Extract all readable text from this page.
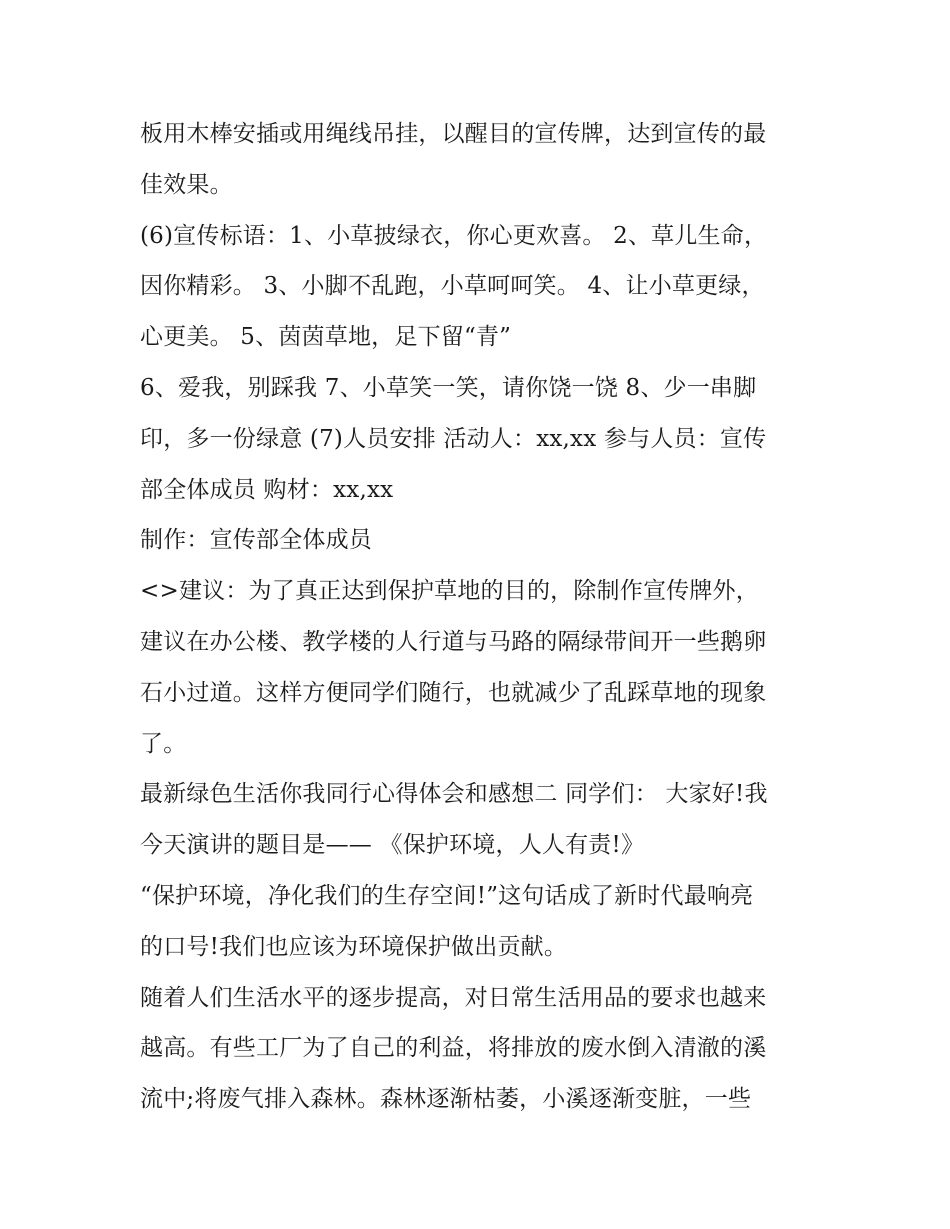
板用木棒安插或用绳线吊挂，以醒目的宣传牌，达到宣传的最
佳效果。
(6)宣传标语：1、小草披绿衣，你心更欢喜。 2、草儿生命，
因你精彩。 3、小脚不乱跑，小草呵呵笑。 4、让小草更绿，
心更美。 5、茵茵草地，足下留“青”
6、爱我，别踩我 7、小草笑一笑，请你饶一饶 8、少一串脚
印，多一份绿意 (7)人员安排 活动人：xx,xx 参与人员：宣传
部全体成员 购材：xx,xx
制作：宣传部全体成员
<>建议：为了真正达到保护草地的目的，除制作宣传牌外，
建议在办公楼、教学楼的人行道与马路的隔绿带间开一些鹅卵
石小过道。这样方便同学们随行，也就减少了乱踩草地的现象
了。
最新绿色生活你我同行心得体会和感想二 同学们： 大家好!我
今天演讲的题目是—— 《保护环境，人人有责!》
“保护环境，净化我们的生存空间!”这句话成了新时代最响亮
的口号!我们也应该为环境保护做出贡献。
随着人们生活水平的逐步提高，对日常生活用品的要求也越来
越高。有些工厂为了自己的利益，将排放的废水倒入清澈的溪
流中;将废气排入森林。森林逐渐枯萎，小溪逐渐变脏，一些
